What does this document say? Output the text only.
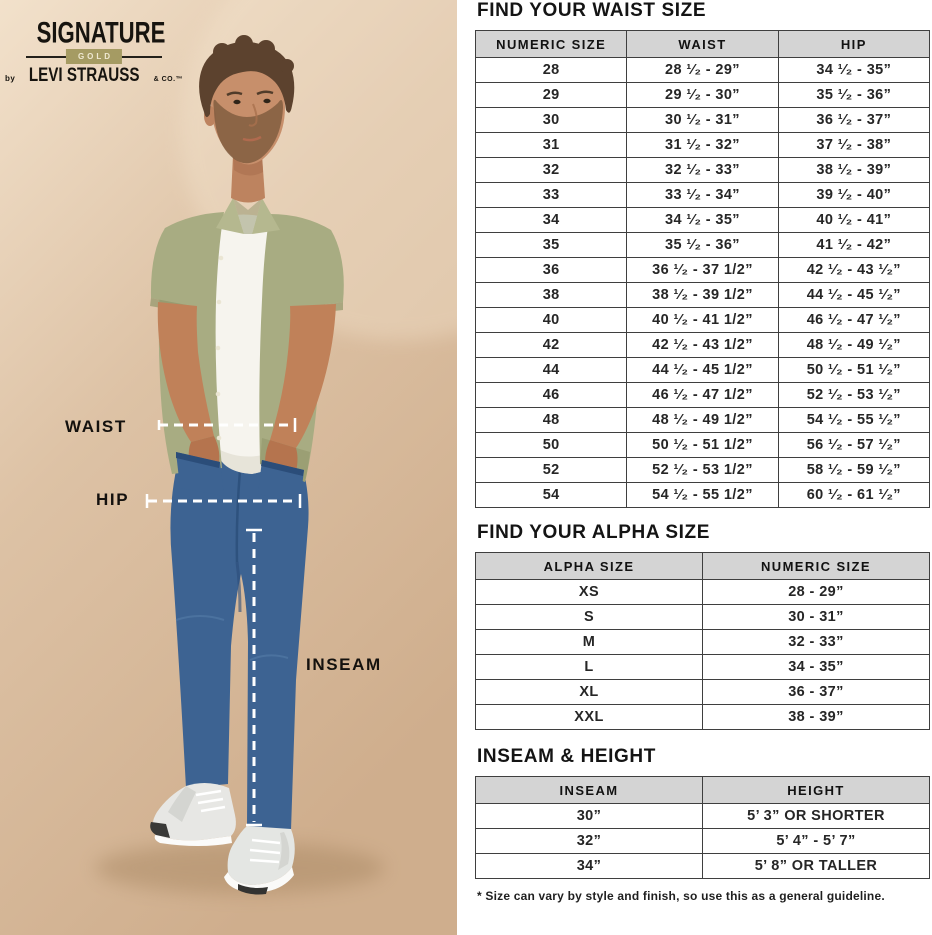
SIGNATURE
GOLD
by LEVI STRAUSS & CO.™
WAIST
HIP
INSEAM
FIND YOUR WAIST SIZE
NUMERIC SIZE	WAIST	HIP
28	28 ¹⁄₂ - 29”	34 ¹⁄₂ - 35”
29	29 ¹⁄₂ - 30”	35 ¹⁄₂ - 36”
30	30 ¹⁄₂ - 31”	36 ¹⁄₂ - 37”
31	31 ¹⁄₂ - 32”	37 ¹⁄₂ - 38”
32	32 ¹⁄₂ - 33”	38 ¹⁄₂ - 39”
33	33 ¹⁄₂ - 34”	39 ¹⁄₂ - 40”
34	34 ¹⁄₂ - 35”	40 ¹⁄₂ - 41”
35	35 ¹⁄₂ - 36”	41 ¹⁄₂ - 42”
36	36 ¹⁄₂ - 37 1/2”	42 ¹⁄₂ - 43 ¹⁄₂”
38	38 ¹⁄₂ - 39 1/2”	44 ¹⁄₂ - 45 ¹⁄₂”
40	40 ¹⁄₂ - 41 1/2”	46 ¹⁄₂ - 47 ¹⁄₂”
42	42 ¹⁄₂ - 43 1/2”	48 ¹⁄₂ - 49 ¹⁄₂”
44	44 ¹⁄₂ - 45 1/2”	50 ¹⁄₂ - 51 ¹⁄₂”
46	46 ¹⁄₂ - 47 1/2”	52 ¹⁄₂ - 53 ¹⁄₂”
48	48 ¹⁄₂ - 49 1/2”	54 ¹⁄₂ - 55 ¹⁄₂”
50	50 ¹⁄₂ - 51 1/2”	56 ¹⁄₂ - 57 ¹⁄₂”
52	52 ¹⁄₂ - 53 1/2”	58 ¹⁄₂ - 59 ¹⁄₂”
54	54 ¹⁄₂ - 55 1/2”	60 ¹⁄₂ - 61 ¹⁄₂”
FIND YOUR ALPHA SIZE
ALPHA SIZE	NUMERIC SIZE
XS	28 - 29”
S	30 - 31”
M	32 - 33”
L	34 - 35”
XL	36 - 37”
XXL	38 - 39”
INSEAM & HEIGHT
INSEAM	HEIGHT
30”	5’ 3” OR SHORTER
32”	5’ 4” - 5’ 7”
34”	5’ 8” OR TALLER
* Size can vary by style and finish, so use this as a general guideline.
